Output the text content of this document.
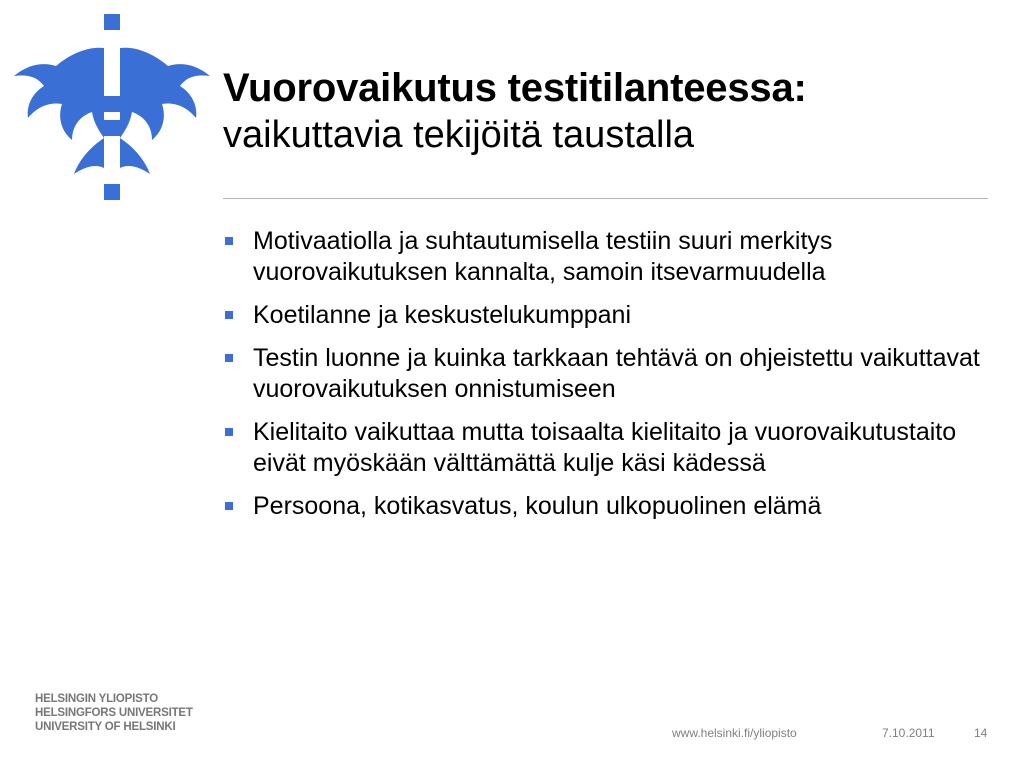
Vuorovaikutus testitilanteessa:
vaikuttavia tekijöitä taustalla
Motivaatiolla ja suhtautumisella testiin suuri merkitys vuorovaikutuksen kannalta, samoin itsevarmuudella
Koetilanne ja keskustelukumppani
Testin luonne ja kuinka tarkkaan tehtävä on ohjeistettu vaikuttavat vuorovaikutuksen onnistumiseen
Kielitaito vaikuttaa mutta toisaalta kielitaito ja vuorovaikutustaito eivät myöskään välttämättä kulje käsi kädessä
Persoona, kotikasvatus, koulun ulkopuolinen elämä
HELSINGIN YLIOPISTO
HELSINGFORS UNIVERSITET
UNIVERSITY OF HELSINKI	www.helsinki.fi/yliopisto	7.10.2011	14
